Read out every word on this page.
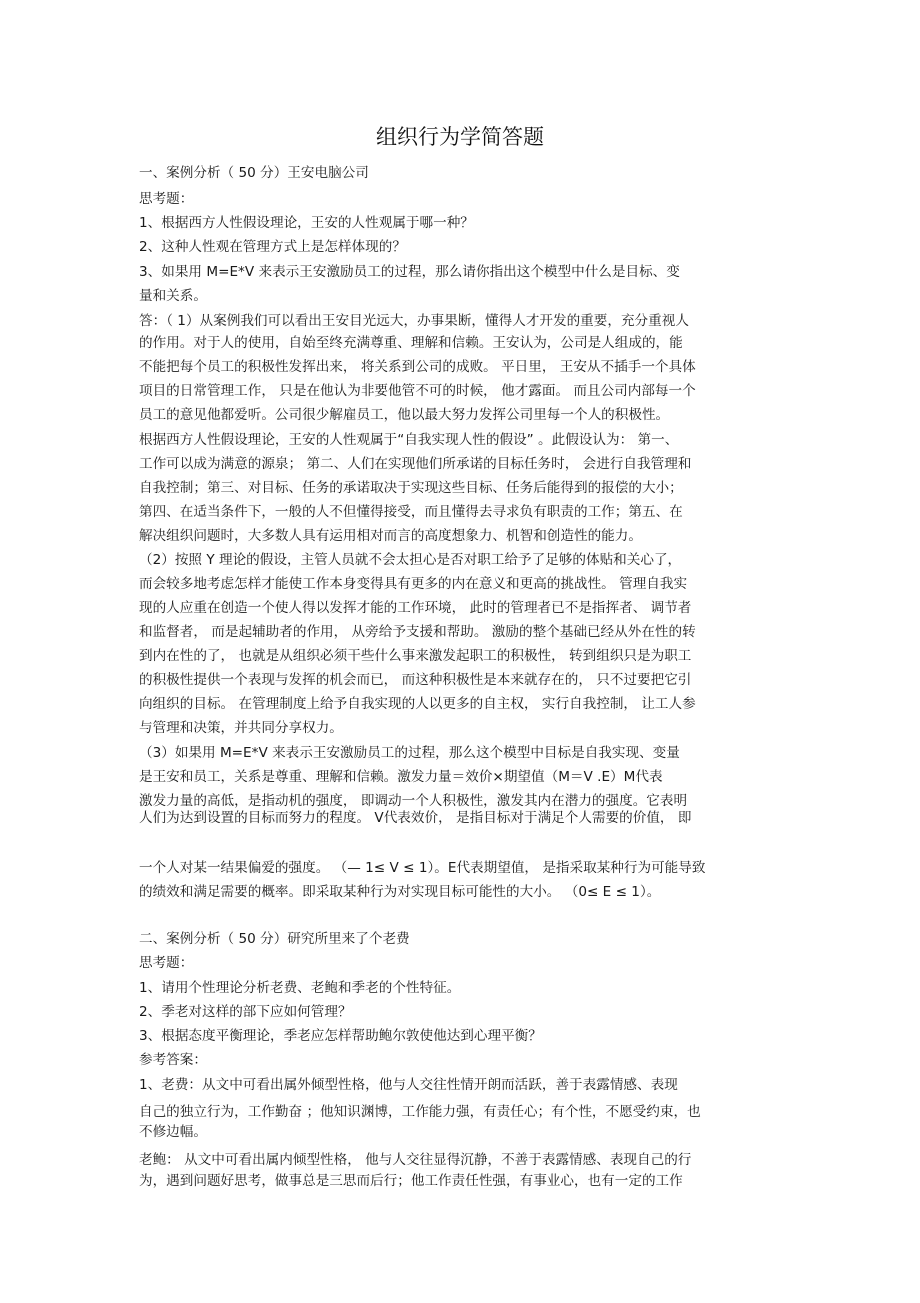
组织行为学简答题
一、案例分析（ 50 分）王安电脑公司
思考题：
1、根据西方人性假设理论，王安的人性观属于哪一种？
2、这种人性观在管理方式上是怎样体现的？
3、如果用 M=E*V 来表示王安激励员工的过程，那么请你指出这个模型中什么是目标、变
量和关系。
答：（ 1）从案例我们可以看出王安目光远大，办事果断，懂得人才开发的重要，充分重视人
的作用。对于人的使用，自始至终充满尊重、理解和信赖。王安认为，公司是人组成的，能
不能把每个员工的积极性发挥出来， 将关系到公司的成败。 平日里， 王安从不插手一个具体
项目的日常管理工作， 只是在他认为非要他管不可的时候， 他才露面。 而且公司内部每一个
员工的意见他都爱听。公司很少解雇员工，他以最大努力发挥公司里每一个人的积极性。
根据西方人性假设理论，王安的人性观属于“自我实现人性的假设” 。此假设认为： 第一、
工作可以成为满意的源泉； 第二、人们在实现他们所承诺的目标任务时， 会进行自我管理和
自我控制；第三、对目标、任务的承诺取决于实现这些目标、任务后能得到的报偿的大小；
第四、在适当条件下，一般的人不但懂得接受，而且懂得去寻求负有职责的工作；第五、在
解决组织问题时，大多数人具有运用相对而言的高度想象力、机智和创造性的能力。
（2）按照 Y 理论的假设，主管人员就不会太担心是否对职工给予了足够的体贴和关心了，
而会较多地考虑怎样才能使工作本身变得具有更多的内在意义和更高的挑战性。 管理自我实
现的人应重在创造一个使人得以发挥才能的工作环境， 此时的管理者已不是指挥者、 调节者
和监督者， 而是起辅助者的作用， 从旁给予支援和帮助。 激励的整个基础已经从外在性的转
到内在性的了， 也就是从组织必须干些什么事来激发起职工的积极性， 转到组织只是为职工
的积极性提供一个表现与发挥的机会而已， 而这种积极性是本来就存在的， 只不过要把它引
向组织的目标。 在管理制度上给予自我实现的人以更多的自主权， 实行自我控制， 让工人参
与管理和决策，并共同分享权力。
（3）如果用 M=E*V 来表示王安激励员工的过程，那么这个模型中目标是自我实现、变量
是王安和员工，关系是尊重、理解和信赖。激发力量＝效价×期望值（M＝V .E）M代表
激发力量的高低，是指动机的强度， 即调动一个人积极性，激发其内在潜力的强度。它表明
人们为达到设置的目标而努力的程度。 V代表效价， 是指目标对于满足个人需要的价值， 即
一个人对某一结果偏爱的强度。 （— 1≤ V ≤ 1）。E代表期望值， 是指采取某种行为可能导致
的绩效和满足需要的概率。即采取某种行为对实现目标可能性的大小。 （0≤ E ≤ 1）。
二、案例分析（ 50 分）研究所里来了个老费
思考题：
1、请用个性理论分析老费、老鲍和季老的个性特征。
2、季老对这样的部下应如何管理？
3、根据态度平衡理论，季老应怎样帮助鲍尔敦使他达到心理平衡？
参考答案：
1、老费：从文中可看出属外倾型性格，他与人交往性情开朗而活跃，善于表露情感、表现
自己的独立行为，工作勤奋 ；他知识渊博，工作能力强，有责任心；有个性，不愿受约束，也
不修边幅。
老鲍： 从文中可看出属内倾型性格， 他与人交往显得沉静，不善于表露情感、表现自己的行
为，遇到问题好思考，做事总是三思而后行；他工作责任性强，有事业心，也有一定的工作
